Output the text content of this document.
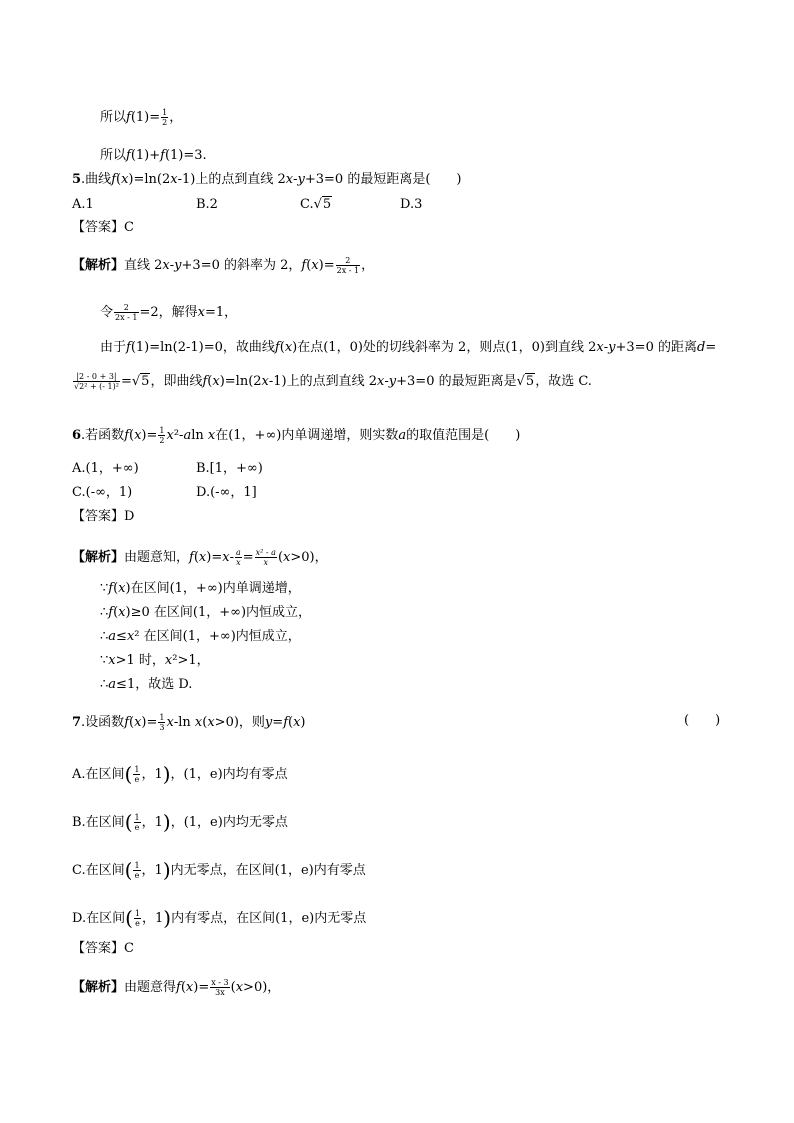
所以$f(1)= \frac{1}{2}$ ，
所以f(1)+f(1)=3.
5.曲线f(x)=ln(2x-1)上的点到直线 2x-y+3=0 的最短距离是(　　)
A.1	B.2	C.√5	D.3
【答案】C
【解析】直线 2x-y+3=0 的斜率为 2，$f(x)= \frac{2}{2x - 1}$ ，
令 $\frac{2}{2x - 1} =2$，解得x=1，
由于f(1)=ln(2-1)=0，故曲线f(x)在点(1，0)处的切线斜率为 2，则点(1，0)到直线 2x-y+3=0 的距离d=
$\frac{|2 - 0 + 3|}{\text{√2² + (- 1)²}} =√5$，即曲线f(x)=ln(2x-1)上的点到直线 2x-y+3=0 的最短距离是√5，故选 C.
6.若函数$f(x)= \frac{1}{2} x^2-aln$ x在(1，+∞)内单调递增，则实数a的取值范围是(　　)
A.(1，+∞)	B.[1，+∞)
C.(-∞，1)	D.(-∞，1]
【答案】D
【解析】由题意知，$f(x)=x- \frac{a}{x} = \frac{\text{x² - a}}{x} (x>0)$，
∵f(x)在区间(1，+∞)内单调递增，
∴f(x)≥0 在区间(1，+∞)内恒成立，
∴a≤x² 在区间(1，+∞)内恒成立，
∵x>1 时，x²>1，
∴a≤1，故选 D.
7.设函数$f(x)= \frac{1}{3} x-\ln$ x(x>0)，则y=f(x)	(　　)
A.在区间( $\frac{1}{e}$ ，1)，(1，e)内均有零点
B.在区间( $\frac{1}{e}$ ，1)，(1，e)内均无零点
C.在区间( $\frac{1}{e}$ ，1)内无零点，在区间(1，e)内有零点
D.在区间( $\frac{1}{e}$ ，1)内有零点，在区间(1，e)内无零点
【答案】C
【解析】由题意得$f(x)= \frac{x - 3}{3x} (x>0)$，
